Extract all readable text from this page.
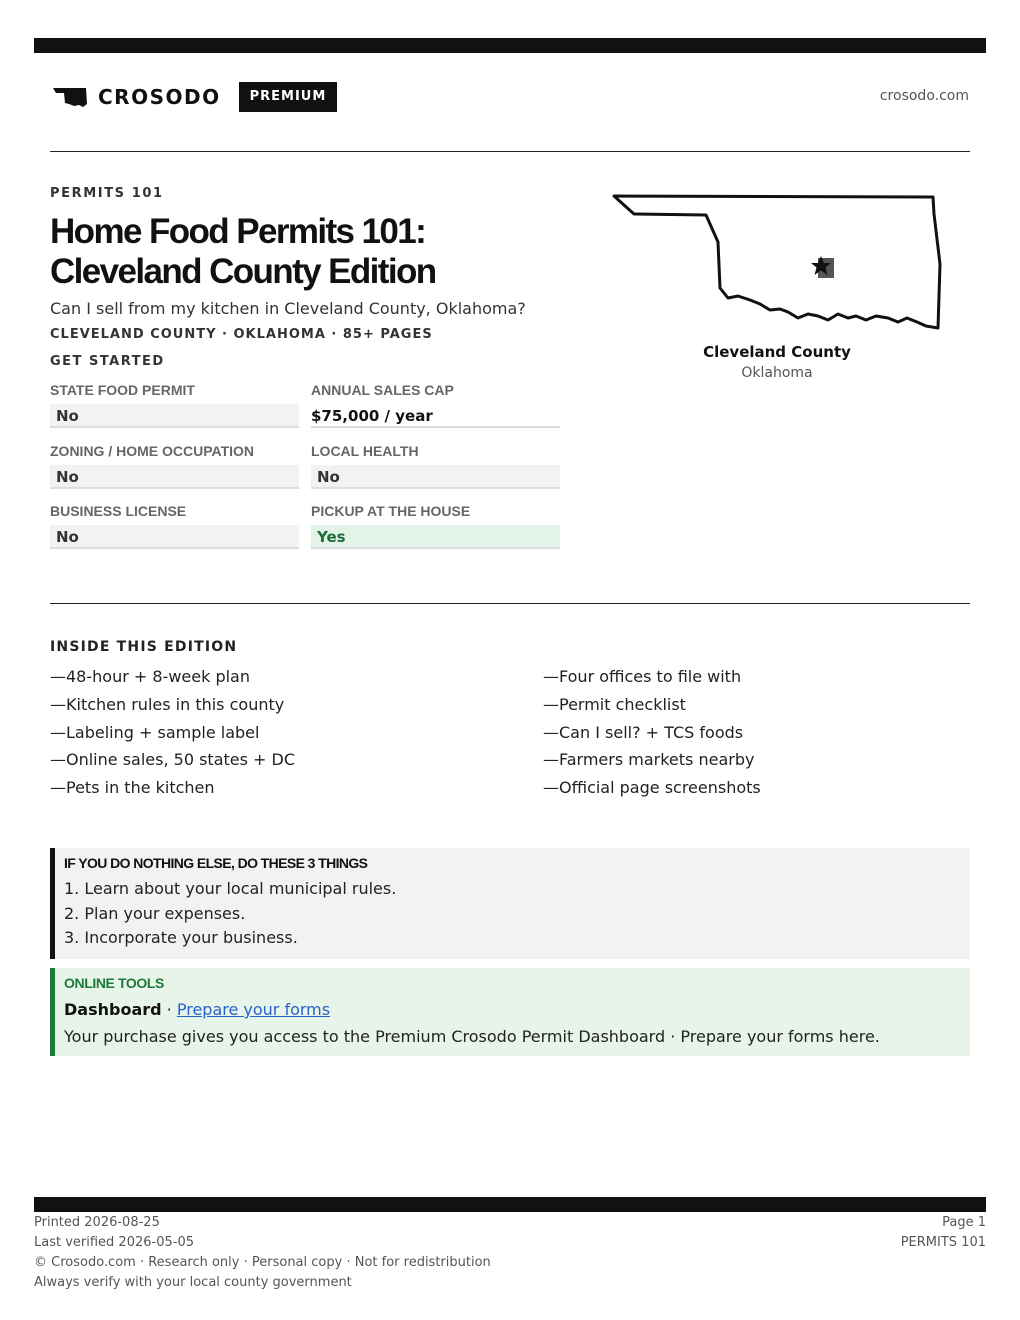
CROSODO	PREMIUM	crosodo.com
PERMITS 101
Home Food Permits 101:
Cleveland County Edition
Can I sell from my kitchen in Cleveland County, Oklahoma?
CLEVELAND COUNTY · OKLAHOMA · 85+ PAGES
GET STARTED
STATE FOOD PERMIT
No
ANNUAL SALES CAP
$75,000 / year
ZONING / HOME OCCUPATION
No
LOCAL HEALTH
No
BUSINESS LICENSE
No
PICKUP AT THE HOUSE
Yes
Cleveland County
Oklahoma
INSIDE THIS EDITION
—48-hour + 8-week plan
—Kitchen rules in this county
—Labeling + sample label
—Online sales, 50 states + DC
—Pets in the kitchen
—Four offices to file with
—Permit checklist
—Can I sell? + TCS foods
—Farmers markets nearby
—Official page screenshots
IF YOU DO NOTHING ELSE, DO THESE 3 THINGS
1. Learn about your local municipal rules.
2. Plan your expenses.
3. Incorporate your business.
ONLINE TOOLS
Dashboard · Prepare your forms
Your purchase gives you access to the Premium Crosodo Permit Dashboard · Prepare your forms here.
Printed 2026-08-25
Last verified 2026-05-05
© Crosodo.com · Research only · Personal copy · Not for redistribution
Always verify with your local county government
Page 1
PERMITS 101
